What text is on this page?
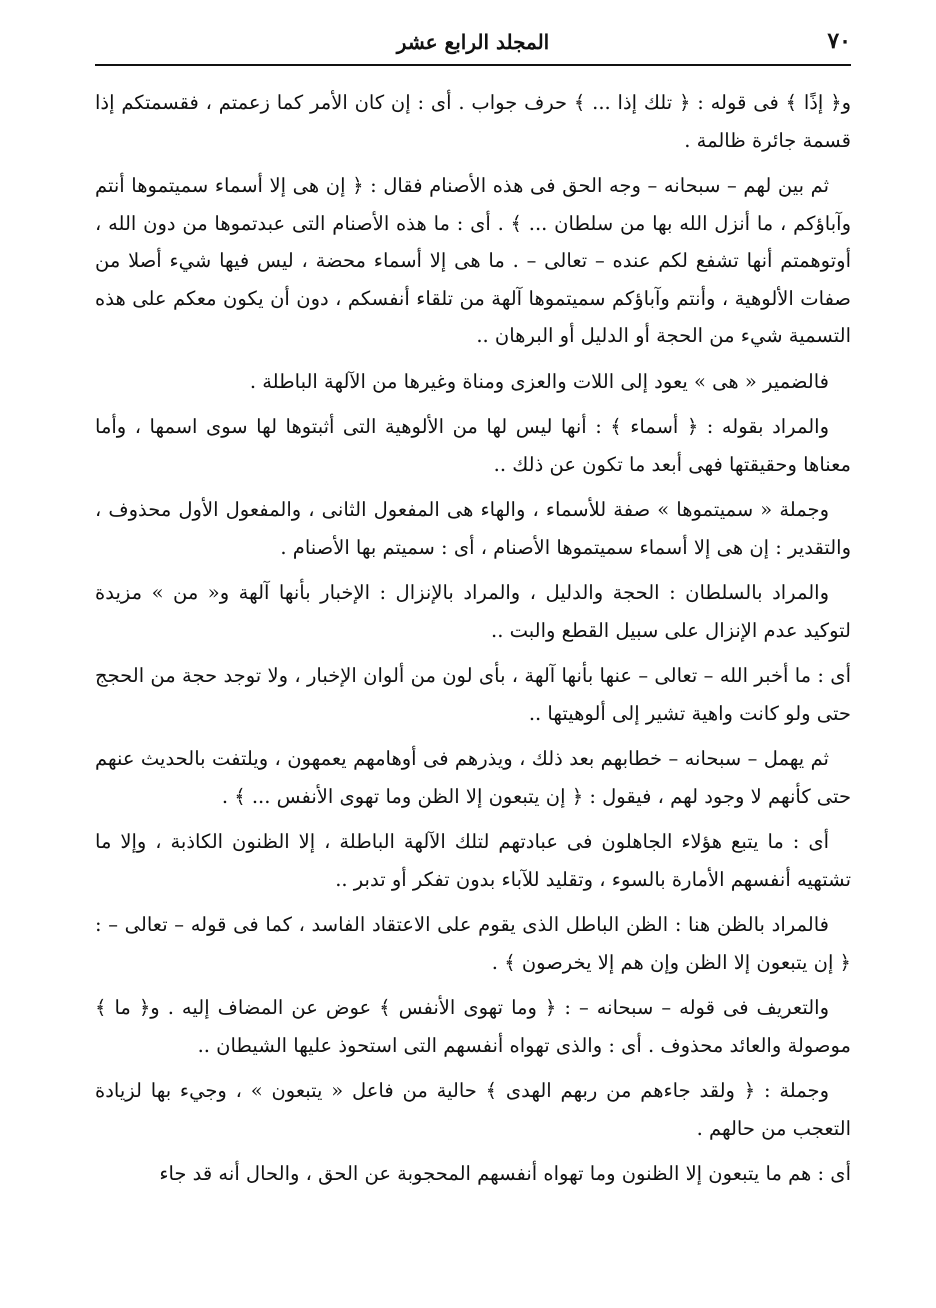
٧٠
المجلد الرابع عشر

و﴿ إذًا ﴾ فى قوله : ﴿ تلك إذا ... ﴾ حرف جواب . أى : إن كان الأمر كما زعمتم ، فقسمتكم إذا قسمة جائرة ظالمة .

ثم بين لهم – سبحانه – وجه الحق فى هذه الأصنام فقال : ﴿ إن هى إلا أسماء سميتموها أنتم وآباؤكم ، ما أنزل الله بها من سلطان ... ﴾ . أى : ما هذه الأصنام التى عبدتموها من دون الله ، أوتوهمتم أنها تشفع لكم عنده – تعالى – . ما هى إلا أسماء محضة ، ليس فيها شيء أصلا من صفات الألوهية ، وأنتم وآباؤكم سميتموها آلهة من تلقاء أنفسكم ، دون أن يكون معكم على هذه التسمية شيء من الحجة أو الدليل أو البرهان ..

فالضمير « هى » يعود إلى اللات والعزى ومناة وغيرها من الآلهة الباطلة .

والمراد بقوله : ﴿ أسماء ﴾ : أنها ليس لها من الألوهية التى أثبتوها لها سوى اسمها ، وأما معناها وحقيقتها فهى أبعد ما تكون عن ذلك ..

وجملة « سميتموها » صفة للأسماء ، والهاء هى المفعول الثانى ، والمفعول الأول محذوف ، والتقدير : إن هى إلا أسماء سميتموها الأصنام ، أى : سميتم بها الأصنام .

والمراد بالسلطان : الحجة والدليل ، والمراد بالإنزال : الإخبار بأنها آلهة و« من » مزيدة لتوكيد عدم الإنزال على سبيل القطع والبت ..

أى : ما أخبر الله – تعالى – عنها بأنها آلهة ، بأى لون من ألوان الإخبار ، ولا توجد حجة من الحجج حتى ولو كانت واهية تشير إلى ألوهيتها ..

ثم يهمل – سبحانه – خطابهم بعد ذلك ، ويذرهم فى أوهامهم يعمهون ، ويلتفت بالحديث عنهم حتى كأنهم لا وجود لهم ، فيقول : ﴿ إن يتبعون إلا الظن وما تهوى الأنفس ... ﴾ .

أى : ما يتبع هؤلاء الجاهلون فى عبادتهم لتلك الآلهة الباطلة ، إلا الظنون الكاذبة ، وإلا ما تشتهيه أنفسهم الأمارة بالسوء ، وتقليد للآباء بدون تفكر أو تدبر ..

فالمراد بالظن هنا : الظن الباطل الذى يقوم على الاعتقاد الفاسد ، كما فى قوله – تعالى – : ﴿ إن يتبعون إلا الظن وإن هم إلا يخرصون ﴾ .

والتعريف فى قوله – سبحانه – : ﴿ وما تهوى الأنفس ﴾ عوض عن المضاف إليه . و﴿ ما ﴾ موصولة والعائد محذوف . أى : والذى تهواه أنفسهم التى استحوذ عليها الشيطان ..

وجملة : ﴿ ولقد جاءهم من ربهم الهدى ﴾ حالية من فاعل « يتبعون » ، وجيء بها لزيادة التعجب من حالهم .

أى : هم ما يتبعون إلا الظنون وما تهواه أنفسهم المحجوبة عن الحق ، والحال أنه قد جاء
